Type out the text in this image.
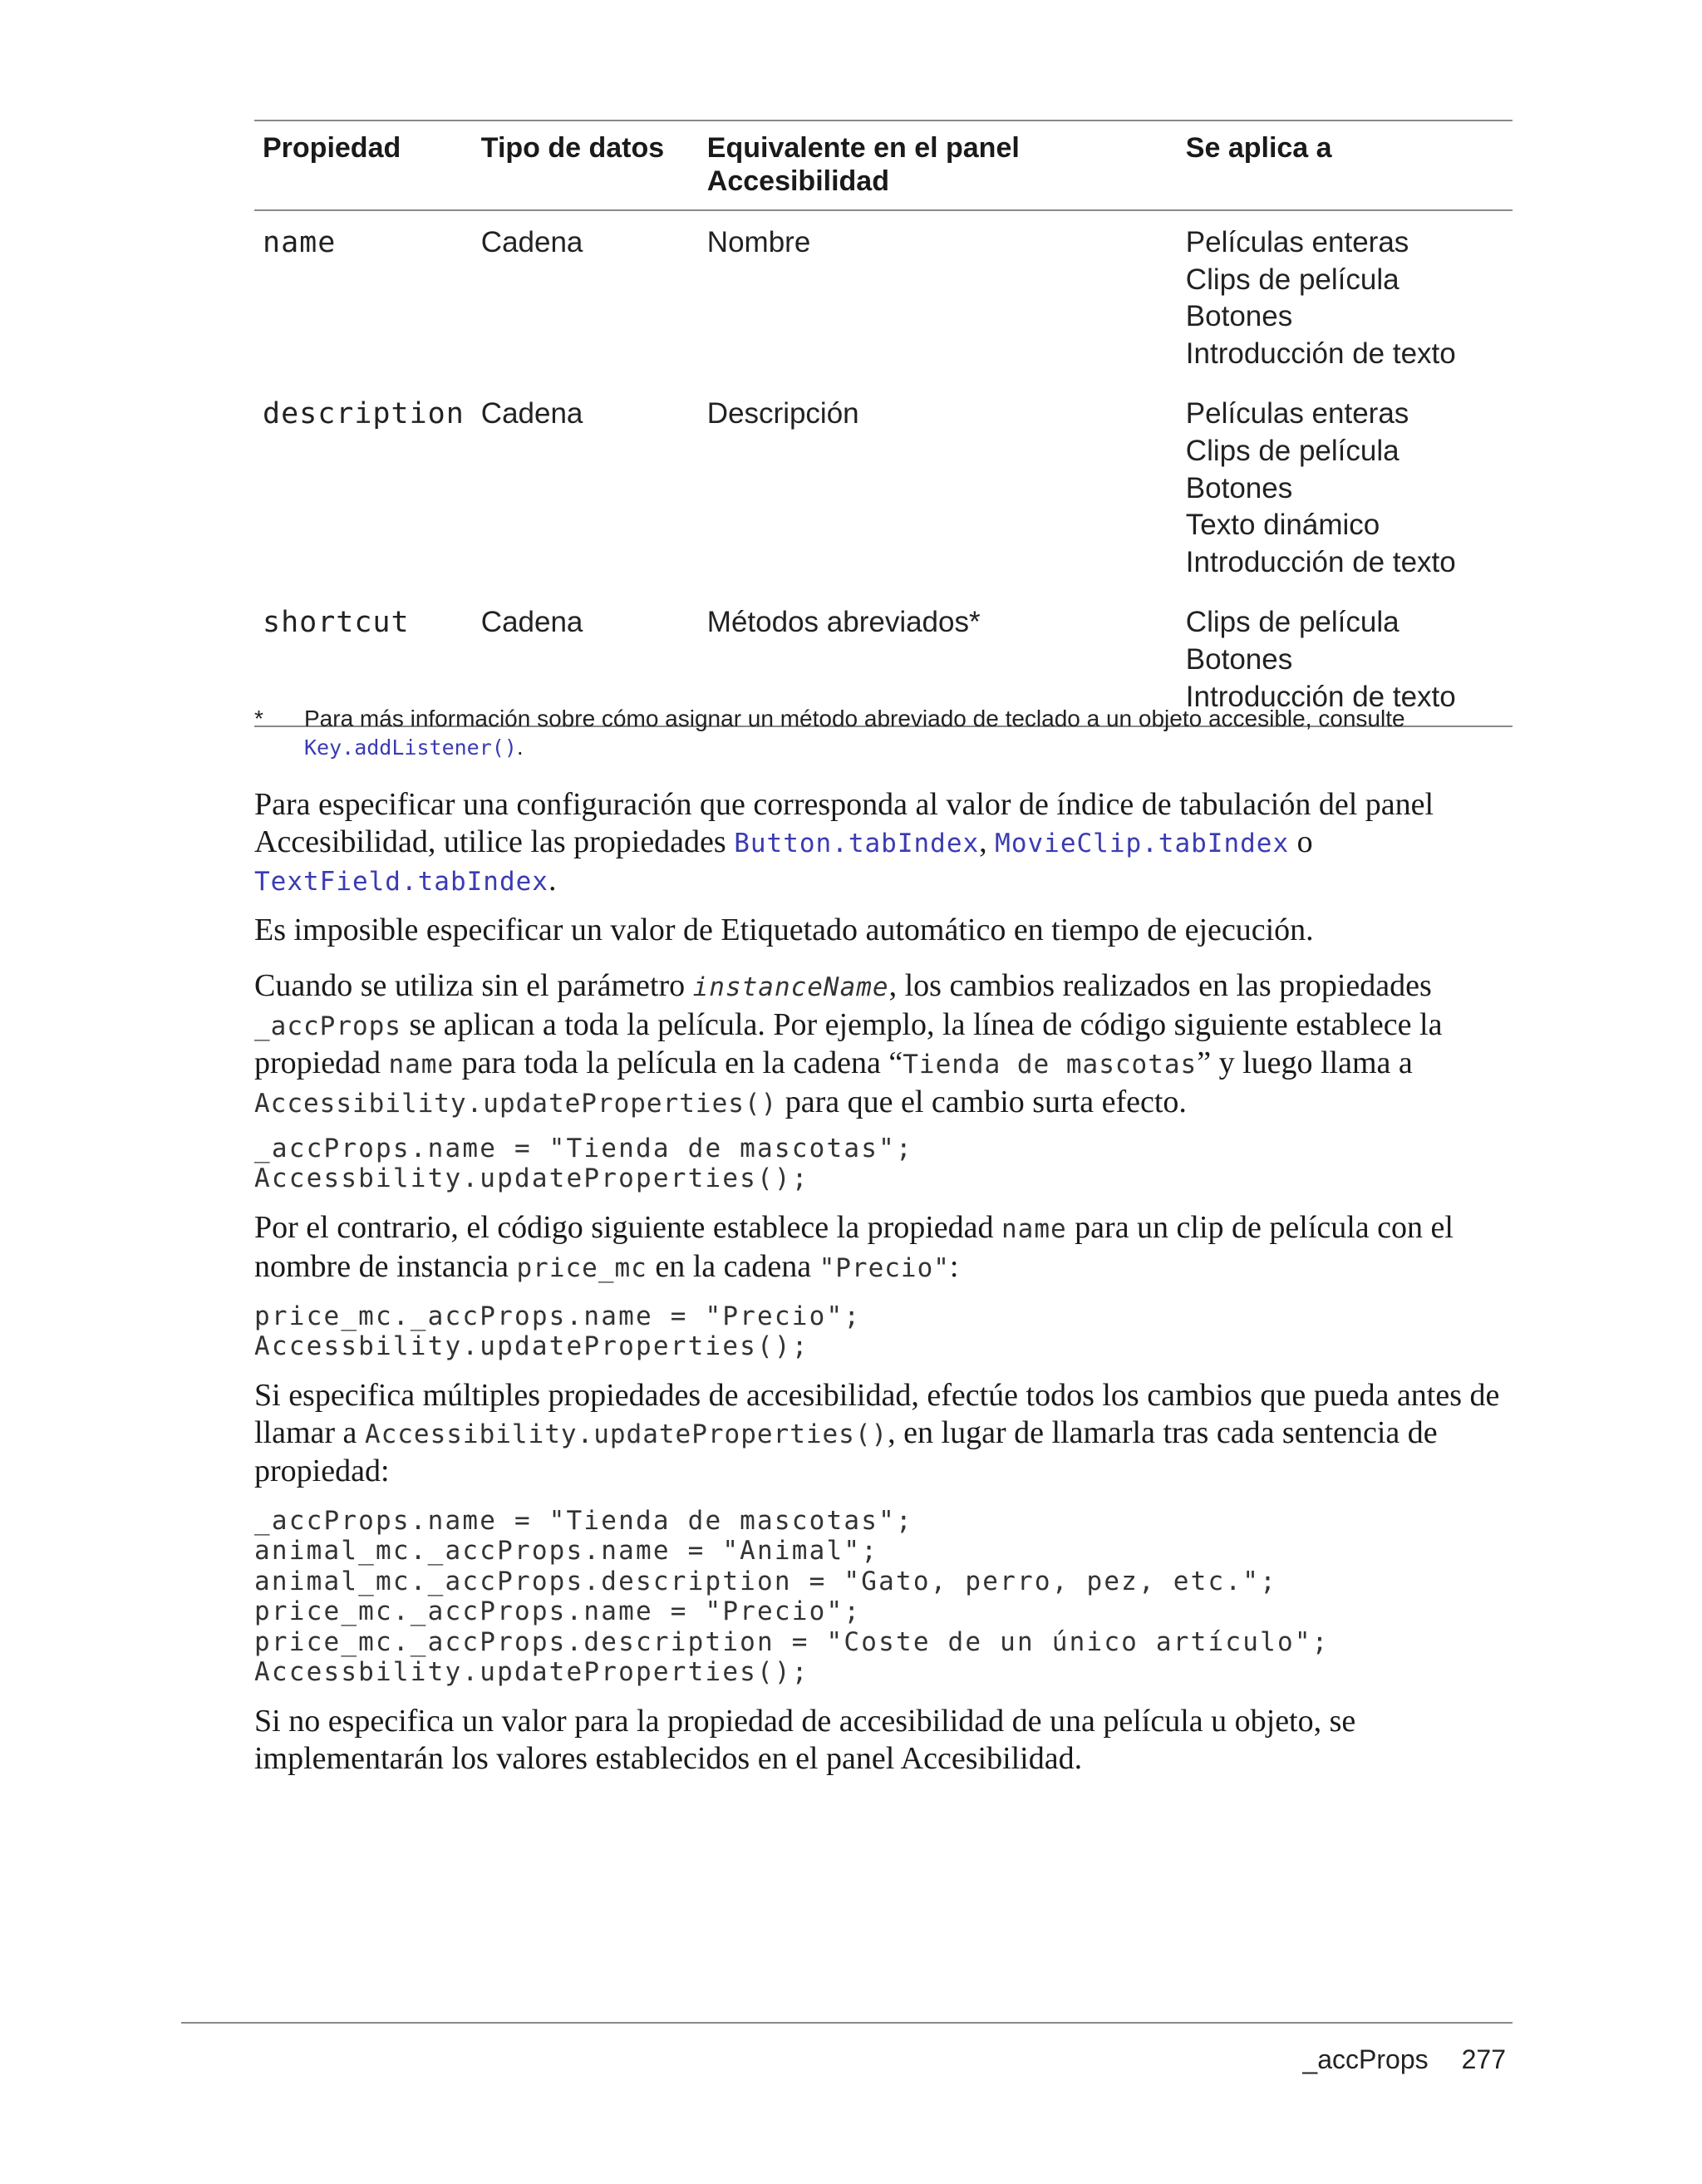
Propiedad	Tipo de datos	Equivalente en el panel Accesibilidad	Se aplica a
name	Cadena	Nombre	Películas enteras
Clips de película
Botones
Introducción de texto

description	Cadena	Descripción	Películas enteras
Clips de película
Botones
Texto dinámico
Introducción de texto

shortcut	Cadena	Métodos abreviados*	Clips de película
Botones
Introducción de texto
* Para más información sobre cómo asignar un método abreviado de teclado a un objeto accesible, consulte Key.addListener().

Para especificar una configuración que corresponda al valor de índice de tabulación del panel Accesibilidad, utilice las propiedades Button.tabIndex, MovieClip.tabIndex o TextField.tabIndex.

Es imposible especificar un valor de Etiquetado automático en tiempo de ejecución.

Cuando se utiliza sin el parámetro instanceName, los cambios realizados en las propiedades _accProps se aplican a toda la película. Por ejemplo, la línea de código siguiente establece la propiedad name para toda la película en la cadena “Tienda de mascotas” y luego llama a Accessibility.updateProperties() para que el cambio surta efecto.

_accProps.name = "Tienda de mascotas";
Accessbility.updateProperties();

Por el contrario, el código siguiente establece la propiedad name para un clip de película con el nombre de instancia price_mc en la cadena "Precio":

price_mc._accProps.name = "Precio";
Accessbility.updateProperties();

Si especifica múltiples propiedades de accesibilidad, efectúe todos los cambios que pueda antes de llamar a Accessibility.updateProperties(), en lugar de llamarla tras cada sentencia de propiedad:

_accProps.name = "Tienda de mascotas";
animal_mc._accProps.name = "Animal";
animal_mc._accProps.description = "Gato, perro, pez, etc.";
price_mc._accProps.name = "Precio";
price_mc._accProps.description = "Coste de un único artículo";
Accessbility.updateProperties();

Si no especifica un valor para la propiedad de accesibilidad de una película u objeto, se implementarán los valores establecidos en el panel Accesibilidad.

_accProps 277
